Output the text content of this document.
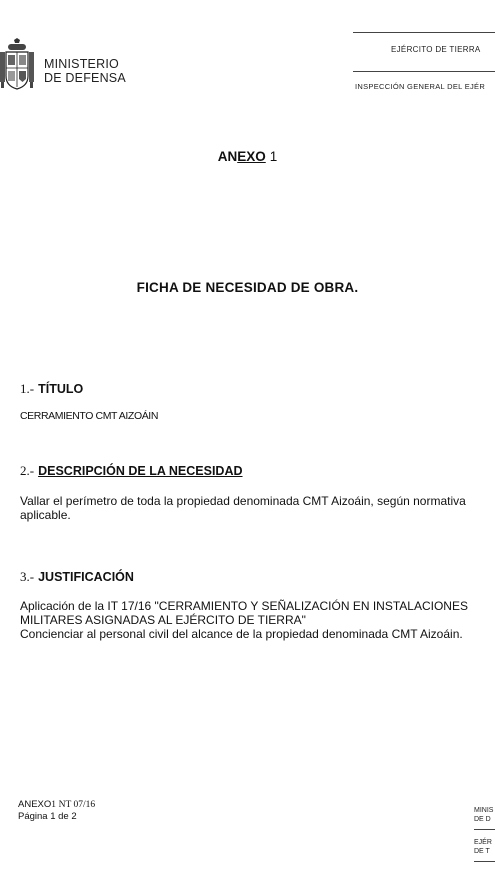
MINISTERIO
DE DEFENSA
EJÉRCITO DE TIERRA
INSPECCIÓN GENERAL DEL EJÉR
ANEXO 1
FICHA DE NECESIDAD DE OBRA.
1.- TÍTULO
CERRAMIENTO CMT AIZOÁIN
2.- DESCRIPCIÓN DE LA NECESIDAD
Vallar el perímetro de toda la propiedad denominada CMT Aizoáin, según normativa
aplicable.
3.- JUSTIFICACIÓN
Aplicación de la IT 17/16 "CERRAMIENTO Y SEÑALIZACIÓN EN INSTALACIONES
MILITARES ASIGNADAS AL EJÉRCITO DE TIERRA"
Concienciar al personal civil del alcance de la propiedad denominada CMT Aizoáin.
ANEXO1 NT 07/16
Página 1 de 2
MINIS
DE D
EJÉR
DE T
